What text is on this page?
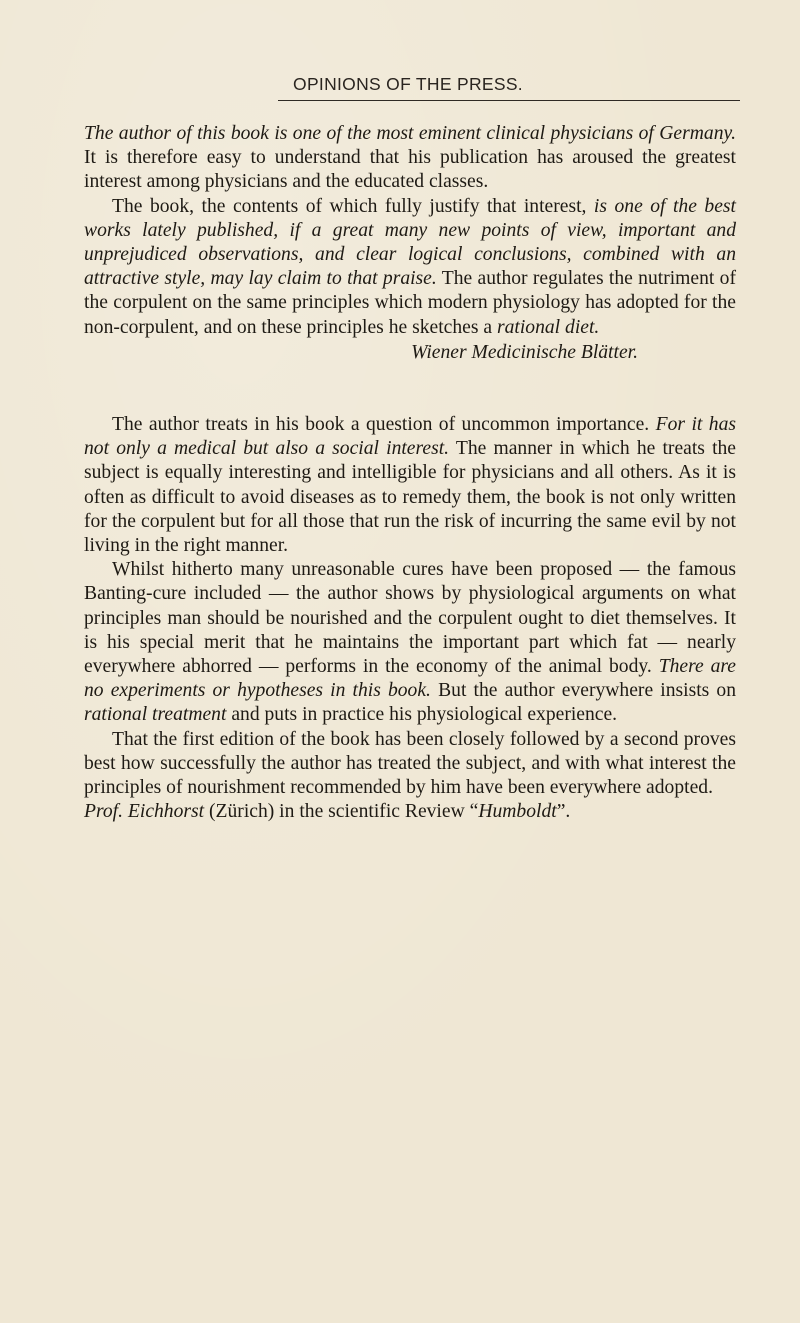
OPINIONS OF THE PRESS.

The author of this book is one of the most eminent clinical physicians of Germany. It is therefore easy to understand that his publication has aroused the greatest interest among physicians and the educated classes.

The book, the contents of which fully justify that interest, is one of the best works lately published, if a great many new points of view, important and unprejudiced observations, and clear logical conclusions, combined with an attractive style, may lay claim to that praise. The author regulates the nutriment of the corpulent on the same principles which modern physiology has adopted for the non-corpulent, and on these principles he sketches a rational diet.

Wiener Medicinische Blätter.

The author treats in his book a question of uncommon importance. For it has not only a medical but also a social interest. The manner in which he treats the subject is equally interesting and intelligible for physicians and all others. As it is often as difficult to avoid diseases as to remedy them, the book is not only written for the corpulent but for all those that run the risk of incurring the same evil by not living in the right manner.

Whilst hitherto many unreasonable cures have been proposed — the famous Banting-cure included — the author shows by physiological arguments on what principles man should be nourished and the corpulent ought to diet themselves. It is his special merit that he maintains the important part which fat — nearly everywhere abhorred — performs in the economy of the animal body. There are no experiments or hypotheses in this book. But the author everywhere insists on rational treatment and puts in practice his physiological experience.

That the first edition of the book has been closely followed by a second proves best how successfully the author has treated the subject, and with what interest the principles of nourishment recommended by him have been everywhere adopted.

Prof. Eichhorst (Zürich) in the scientific Review “Humboldt”.
